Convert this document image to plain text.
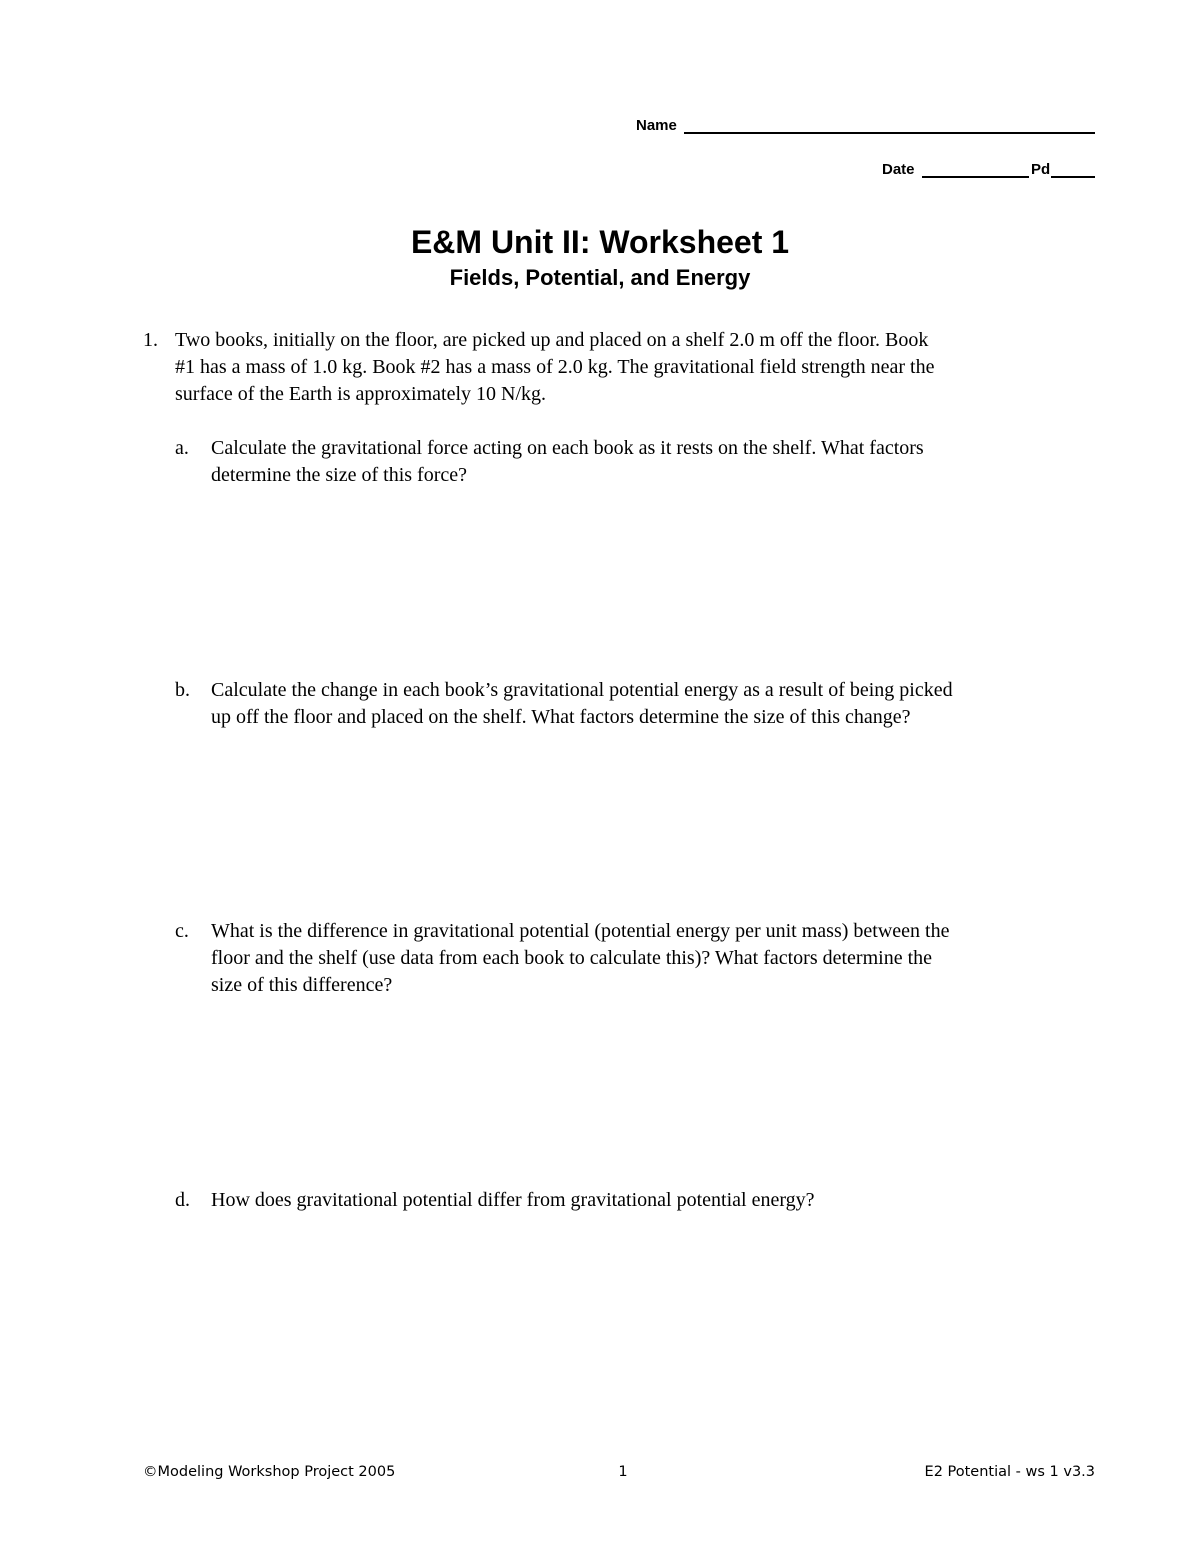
Name
Date	Pd
E&M Unit II: Worksheet 1
Fields, Potential, and Energy
1. Two books, initially on the floor, are picked up and placed on a shelf 2.0 m off the floor. Book
#1 has a mass of 1.0 kg. Book #2 has a mass of 2.0 kg. The gravitational field strength near the
surface of the Earth is approximately 10 N/kg.
a. Calculate the gravitational force acting on each book as it rests on the shelf. What factors
determine the size of this force?
b. Calculate the change in each book’s gravitational potential energy as a result of being picked
up off the floor and placed on the shelf. What factors determine the size of this change?
c. What is the difference in gravitational potential (potential energy per unit mass) between the
floor and the shelf (use data from each book to calculate this)? What factors determine the
size of this difference?
d. How does gravitational potential differ from gravitational potential energy?
©Modeling Workshop Project 2005	1	E2 Potential - ws 1 v3.3
